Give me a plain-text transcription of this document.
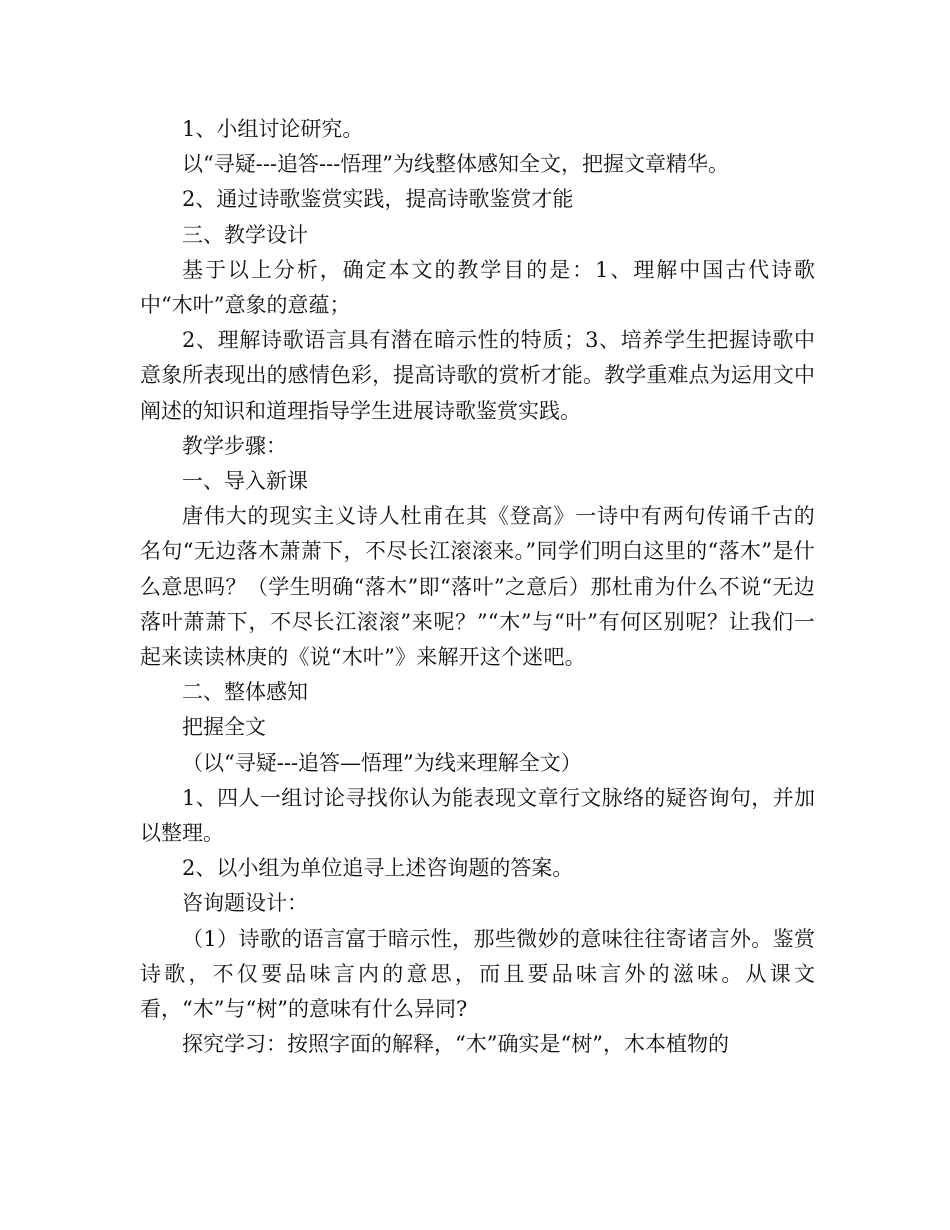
1、小组讨论研究。

以“寻疑---追答---悟理”为线整体感知全文，把握文章精华。

2、通过诗歌鉴赏实践，提高诗歌鉴赏才能

三、教学设计

基于以上分析，确定本文的教学目的是：1、理解中国古代诗歌中“木叶”意象的意蕴；

2、理解诗歌语言具有潜在暗示性的特质；3、培养学生把握诗歌中意象所表现出的感情色彩，提高诗歌的赏析才能。教学重难点为运用文中阐述的知识和道理指导学生进展诗歌鉴赏实践。

教学步骤：

一、导入新课

唐伟大的现实主义诗人杜甫在其《登高》一诗中有两句传诵千古的名句“无边落木萧萧下，不尽长江滚滚来。”同学们明白这里的“落木”是什么意思吗？（学生明确“落木”即“落叶”之意后）那杜甫为什么不说“无边落叶萧萧下，不尽长江滚滚”来呢？”“木”与“叶”有何区别呢？让我们一起来读读林庚的《说“木叶”》来解开这个迷吧。

二、整体感知

把握全文

（以“寻疑---追答—悟理”为线来理解全文）

1、四人一组讨论寻找你认为能表现文章行文脉络的疑咨询句，并加以整理。

2、以小组为单位追寻上述咨询题的答案。

咨询题设计：

（1）诗歌的语言富于暗示性，那些微妙的意味往往寄诸言外。鉴赏诗歌，不仅要品味言内的意思，而且要品味言外的滋味。从课文看，“木”与“树”的意味有什么异同?

探究学习：按照字面的解释，“木”确实是“树”，木本植物的
